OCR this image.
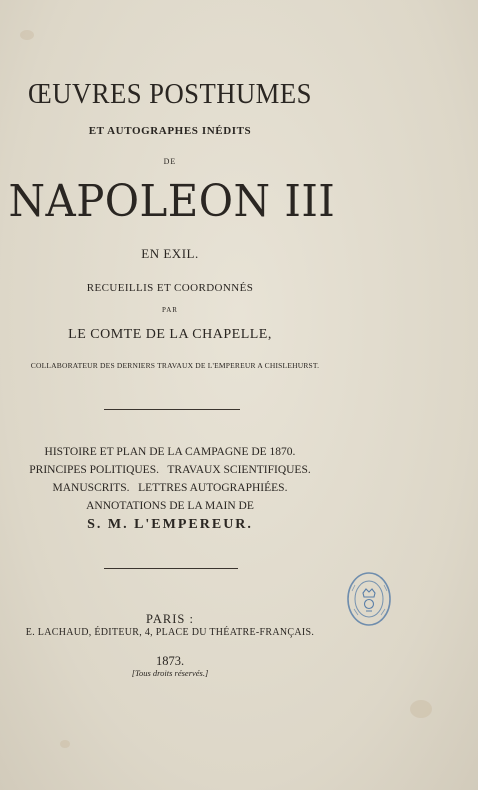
ŒUVRES POSTHUMES
ET AUTOGRAPHES INÉDITS
DE
NAPOLEON III
EN EXIL.
RECUEILLIS ET COORDONNÉS
PAR
LE COMTE DE LA CHAPELLE,
COLLABORATEUR DES DERNIERS TRAVAUX DE L'EMPEREUR A CHISLEHURST.
HISTOIRE ET PLAN DE LA CAMPAGNE DE 1870.
PRINCIPES POLITIQUES.   TRAVAUX SCIENTIFIQUES.
MANUSCRITS.   LETTRES AUTOGRAPHIÉES.
ANNOTATIONS DE LA MAIN DE
S. M. L'EMPEREUR.
PARIS :
E. LACHAUD, ÉDITEUR, 4, PLACE DU THÉATRE-FRANÇAIS.
1873.
[Tous droits réservés.]
